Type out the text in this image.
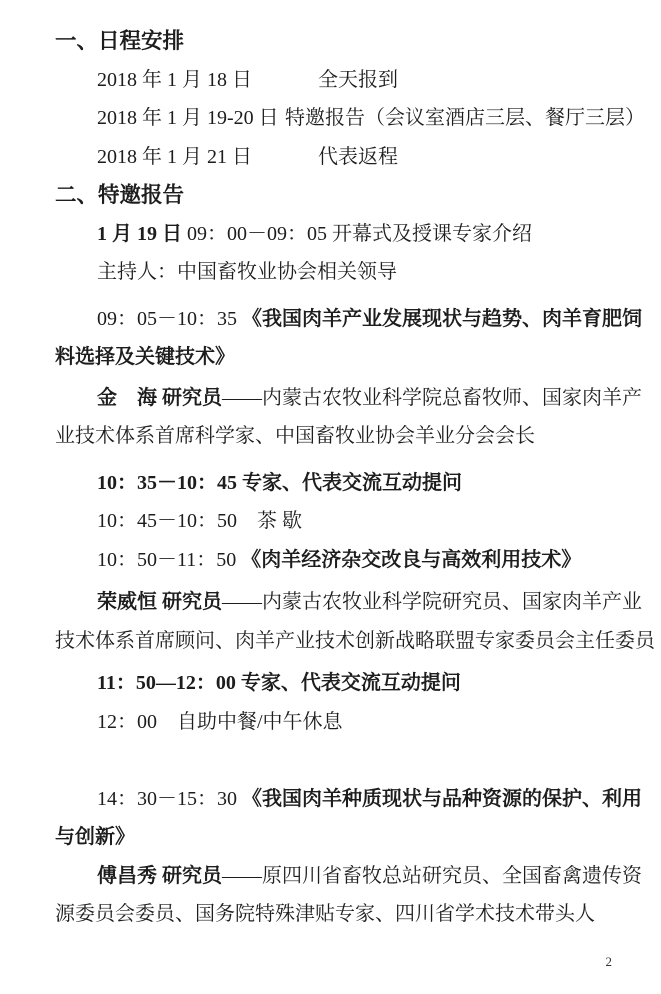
一、日程安排
2018 年 1 月 18 日	全天报到
2018 年 1 月 19-20 日 特邀报告（会议室酒店三层、餐厅三层）
2018 年 1 月 21 日	代表返程
二、特邀报告
1 月 19 日 09：00－09：05 开幕式及授课专家介绍
主持人：中国畜牧业协会相关领导
09：05－10：35 《我国肉羊产业发展现状与趋势、肉羊育肥饲
料选择及关键技术》
金　海 研究员 ——内蒙古农牧业科学院总畜牧师、国家肉羊产
业技术体系首席科学家、中国畜牧业协会羊业分会会长
10：35－10：45 专家、代表交流互动提问
10：45－10：50　茶 歇
10：50－11：50 《肉羊经济杂交改良与高效利用技术》
荣威恒 研究员 ——内蒙古农牧业科学院研究员、国家肉羊产业
技术体系首席顾问、肉羊产业技术创新战略联盟专家委员会主任委员
11：50—12：00 专家、代表交流互动提问
12：00　自助中餐/中午休息
14：30－15：30 《我国肉羊种质现状与品种资源的保护、利用
与创新》
傅昌秀 研究员 ——原四川省畜牧总站研究员、全国畜禽遗传资
源委员会委员、国务院特殊津贴专家、四川省学术技术带头人
2
